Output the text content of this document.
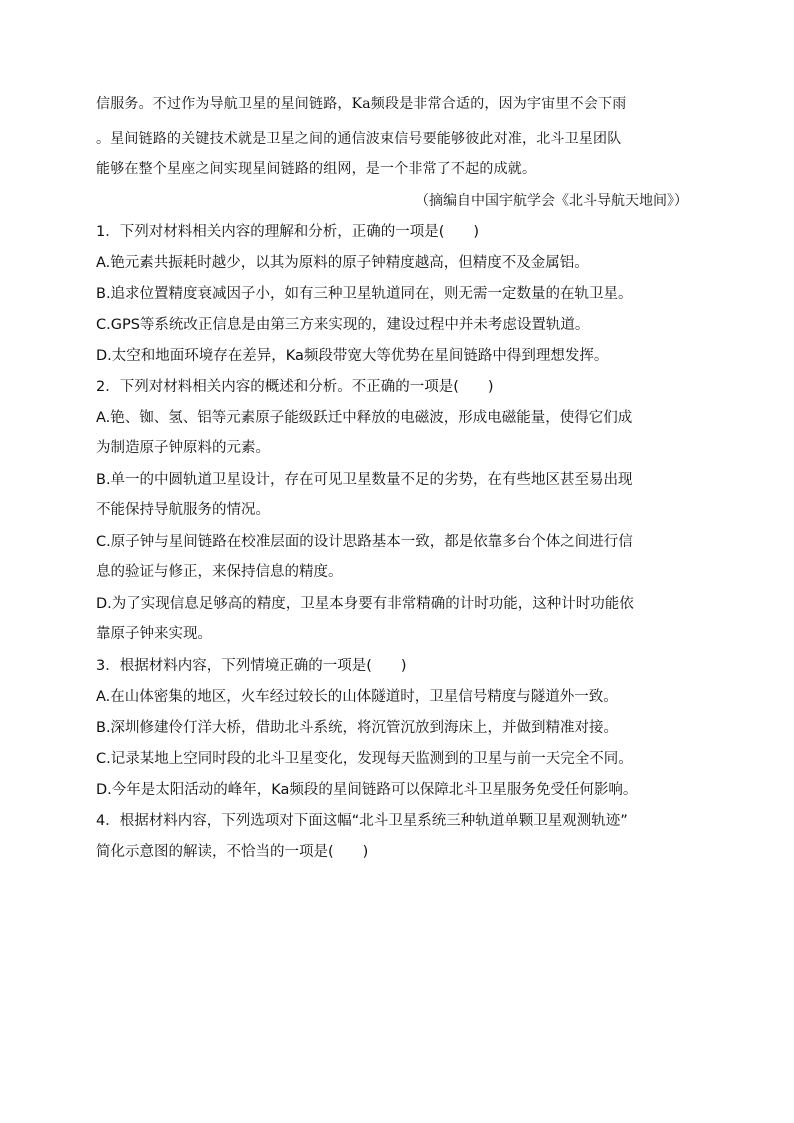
信服务。不过作为导航卫星的星间链路，Ka频段是非常合适的，因为宇宙里不会下雨

。星间链路的关键技术就是卫星之间的通信波束信号要能够彼此对准，北斗卫星团队

能够在整个星座之间实现星间链路的组网，是一个非常了不起的成就。

（摘编自中国宇航学会《北斗导航天地间》）
1．下列对材料相关内容的理解和分析，正确的一项是(　　)
A.铯元素共振耗时越少，以其为原料的原子钟精度越高，但精度不及金属铝。
B.追求位置精度衰减因子小，如有三种卫星轨道同在，则无需一定数量的在轨卫星。
C.GPS等系统改正信息是由第三方来实现的，建设过程中并未考虑设置轨道。
D.太空和地面环境存在差异，Ka频段带宽大等优势在星间链路中得到理想发挥。
2．下列对材料相关内容的概述和分析。不正确的一项是(　　)
A.铯、铷、氢、铝等元素原子能级跃迁中释放的电磁波，形成电磁能量，使得它们成
为制造原子钟原料的元素。
B.单一的中圆轨道卫星设计，存在可见卫星数量不足的劣势，在有些地区甚至易出现
不能保持导航服务的情况。
C.原子钟与星间链路在校准层面的设计思路基本一致，都是依靠多台个体之间进行信
息的验证与修正，来保持信息的精度。
D.为了实现信息足够高的精度，卫星本身要有非常精确的计时功能，这种计时功能依
靠原子钟来实现。
3．根据材料内容，下列情境正确的一项是(　　)
A.在山体密集的地区，火车经过较长的山体隧道时，卫星信号精度与隧道外一致。
B.深圳修建伶仃洋大桥，借助北斗系统，将沉管沉放到海床上，并做到精准对接。
C.记录某地上空同时段的北斗卫星变化，发现每天监测到的卫星与前一天完全不同。
D.今年是太阳活动的峰年，Ka频段的星间链路可以保障北斗卫星服务免受任何影响。
4．根据材料内容，下列选项对下面这幅“北斗卫星系统三种轨道单颗卫星观测轨迹”
简化示意图的解读，不恰当的一项是(　　)
